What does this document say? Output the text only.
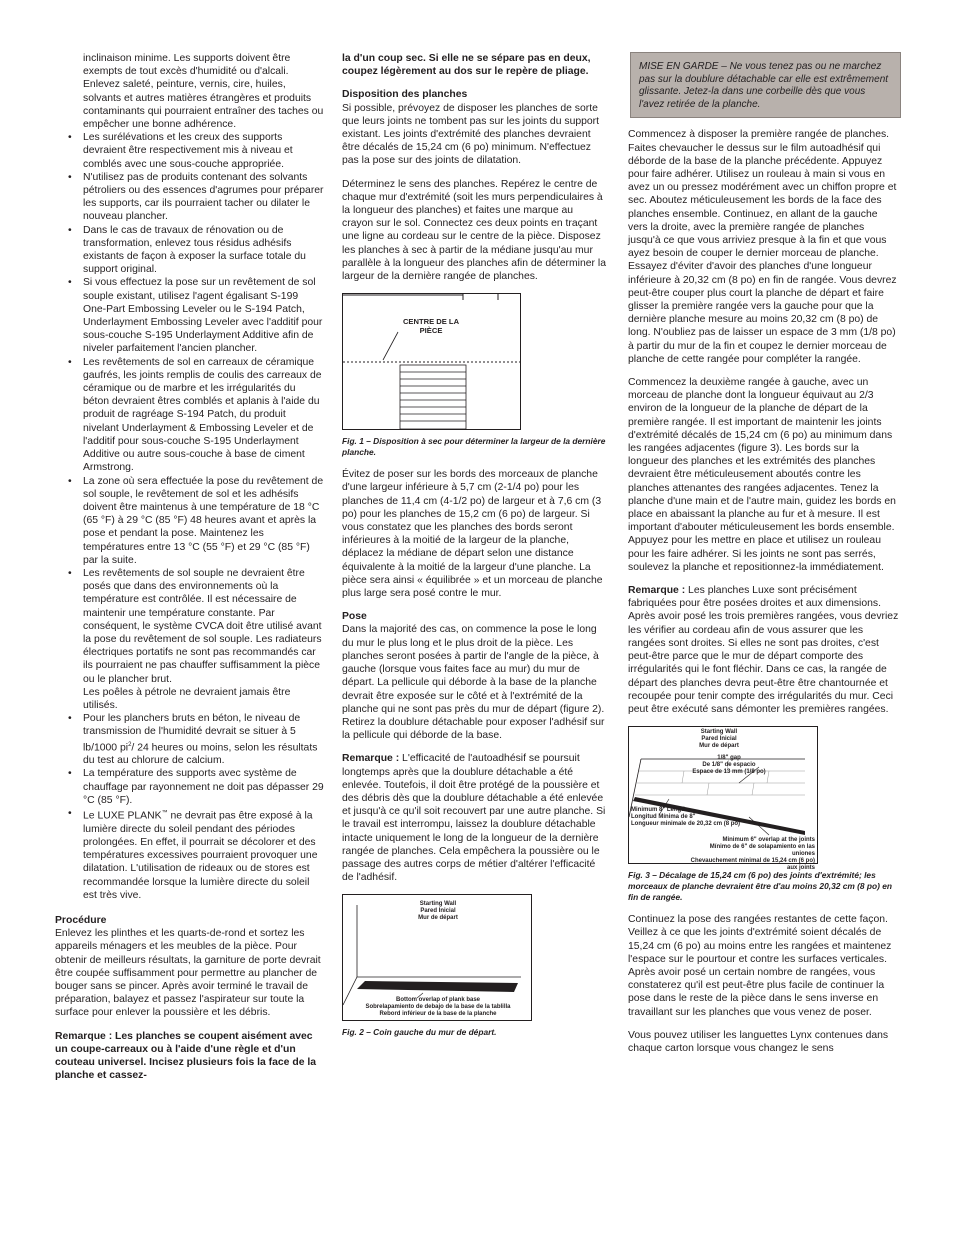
inclinaison minime. Les supports doivent être exempts de tout excès d'humidité ou d'alcali. Enlevez saleté, peinture, vernis, cire, huiles, solvants et autres matières étrangères et produits contaminants qui pourraient entraîner des taches ou empêcher une bonne adhérence.
• Les surélévations et les creux des supports devraient être respectivement mis à niveau et comblés avec une sous-couche appropriée.
• N'utilisez pas de produits contenant des solvants pétroliers ou des essences d'agrumes pour préparer les supports, car ils pourraient tacher ou dilater le nouveau plancher.
• Dans le cas de travaux de rénovation ou de transformation, enlevez tous résidus adhésifs existants de façon à exposer la surface totale du support original.
• Si vous effectuez la pose sur un revêtement de sol souple existant, utilisez l'agent égalisant S-199 One-Part Embossing Leveler ou le S-194 Patch, Underlayment Embossing Leveler avec l'additif pour sous-couche S-195 Underlayment Additive afin de niveler parfaitement l'ancien plancher.
• Les revêtements de sol en carreaux de céramique gaufrés, les joints remplis de coulis des carreaux de céramique ou de marbre et les irrégularités du béton devraient êtres comblés et aplanis à l'aide du produit de ragréage S-194 Patch, du produit nivelant Underlayment & Embossing Leveler et de l'additif pour sous-couche S-195 Underlayment Additive ou autre sous-couche à base de ciment Armstrong.
• La zone où sera effectuée la pose du revêtement de sol souple, le revêtement de sol et les adhésifs doivent être maintenus à une température de 18 °C (65 °F) à 29 °C (85 °F) 48 heures avant et après la pose et pendant la pose. Maintenez les températures entre 13 °C (55 °F) et 29 °C (85 °F) par la suite.
• Les revêtements de sol souple ne devraient être posés que dans des environnements où la température est contrôlée. Il est nécessaire de maintenir une température constante. Par conséquent, le système CVCA doit être utilisé avant la pose du revêtement de sol souple. Les radiateurs électriques portatifs ne sont pas recommandés car ils pourraient ne pas chauffer suffisamment la pièce ou le plancher brut.
Les poêles à pétrole ne devraient jamais être utilisés.
• Pour les planchers bruts en béton, le niveau de transmission de l'humidité devrait se situer à 5 lb/1000 $pi^2/$ 24 heures ou moins, selon les résultats du test au chlorure de calcium.
• La température des supports avec système de chauffage par rayonnement ne doit pas dépasser 29 °C (85 °F).
• Le LUXE PLANK™ ne devrait pas être exposé à la lumière directe du soleil pendant des périodes prolongées. En effet, il pourrait se décolorer et des températures excessives pourraient provoquer une dilatation. L'utilisation de rideaux ou de stores est recommandée lorsque la lumière directe du soleil est très vive.

Procédure

Enlevez les plinthes et les quarts-de-rond et sortez les appareils ménagers et les meubles de la pièce. Pour obtenir de meilleurs résultats, la garniture de porte devrait être coupée suffisamment pour permettre au plancher de bouger sans se pincer. Après avoir terminé le travail de préparation, balayez et passez l'aspirateur sur toute la surface pour enlever la poussière et les débris.

Remarque : Les planches se coupent aisément avec un coupe-carreaux ou à l'aide d'une règle et d'un couteau universel. Incisez plusieurs fois la face de la planche et cassez-

la d'un coup sec. Si elle ne se sépare pas en deux, coupez légèrement au dos sur le repère de pliage.

Disposition des planches

Si possible, prévoyez de disposer les planches de sorte que leurs joints ne tombent pas sur les joints du support existant. Les joints d'extrémité des planches devraient être décalés de 15,24 cm (6 po) minimum. N'effectuez pas la pose sur des joints de dilatation.

Déterminez le sens des planches. Repérez le centre de chaque mur d'extrémité (soit les murs perpendiculaires à la longueur des planches) et faites une marque au crayon sur le sol. Connectez ces deux points en traçant une ligne au cordeau sur le centre de la pièce. Disposez les planches à sec à partir de la médiane jusqu'au mur parallèle à la longueur des planches afin de déterminer la largeur de la dernière rangée de planches.

CENTRE DE LA PIÈCE

Fig. 1 – Disposition à sec pour déterminer la largeur de la dernière planche.

Évitez de poser sur les bords des morceaux de planche d'une largeur inférieure à 5,7 cm (2-1/4 po) pour les planches de 11,4 cm (4-1/2 po) de largeur et à 7,6 cm (3 po) pour les planches de 15,2 cm (6 po) de largeur. Si vous constatez que les planches des bords seront inférieures à la moitié de la largeur de la planche, déplacez la médiane de départ selon une distance équivalente à la moitié de la largeur d'une planche. La pièce sera ainsi « équilibrée » et un morceau de planche plus large sera posé contre le mur.

Pose

Dans la majorité des cas, on commence la pose le long du mur le plus long et le plus droit de la pièce. Les planches seront posées à partir de l'angle de la pièce, à gauche (lorsque vous faites face au mur) du mur de départ. La pellicule qui déborde à la base de la planche devrait être exposée sur le côté et à l'extrémité de la planche qui ne sont pas près du mur de départ (figure 2). Retirez la doublure détachable pour exposer l'adhésif sur la pellicule qui déborde de la base.

Remarque : L'efficacité de l'autoadhésif se poursuit longtemps après que la doublure détachable a été enlevée. Toutefois, il doit être protégé de la poussière et des débris dès que la doublure détachable a été enlevée et jusqu'à ce qu'il soit recouvert par une autre planche. Si le travail est interrompu, laissez la doublure détachable intacte uniquement le long de la longueur de la dernière rangée de planches. Cela empêchera la poussière ou le passage des autres corps de métier d'altérer l'efficacité de l'adhésif.

Starting Wall
Pared Inicial
Mur de départ
Bottom overlap of plank base
Sobrelapamiento de debajo de la base de la tablilla
Rebord inférieur de la base de la planche

Fig. 2 – Coin gauche du mur de départ.

MISE EN GARDE – Ne vous tenez pas ou ne marchez pas sur la doublure détachable car elle est extrêmement glissante. Jetez-la dans une corbeille dès que vous l'avez retirée de la planche.

Commencez à disposer la première rangée de planches. Faites chevaucher le dessus sur le film autoadhésif qui déborde de la base de la planche précédente. Appuyez pour faire adhérer. Utilisez un rouleau à main si vous en avez un ou pressez modérément avec un chiffon propre et sec. Aboutez méticuleusement les bords de la face des planches ensemble. Continuez, en allant de la gauche vers la droite, avec la première rangée de planches jusqu'à ce que vous arriviez presque à la fin et que vous ayez besoin de couper le dernier morceau de planche. Essayez d'éviter d'avoir des planches d'une longueur inférieure à 20,32 cm (8 po) en fin de rangée. Vous devrez peut-être couper plus court la planche de départ et faire glisser la première rangée vers la gauche pour que la dernière planche mesure au moins 20,32 cm (8 po) de long. N'oubliez pas de laisser un espace de 3 mm (1/8 po) à partir du mur de la fin et coupez le dernier morceau de planche de cette rangée pour compléter la rangée.

Commencez la deuxième rangée à gauche, avec un morceau de planche dont la longueur équivaut au 2/3 environ de la longueur de la planche de départ de la première rangée. Il est important de maintenir les joints d'extrémité décalés de 15,24 cm (6 po) au minimum dans les rangées adjacentes (figure 3). Les bords sur la longueur des planches et les extrémités des planches devraient être méticuleusement aboutés contre les planches attenantes des rangées adjacentes. Tenez la planche d'une main et de l'autre main, guidez les bords en place en abaissant la planche au fur et à mesure. Il est important d'abouter méticuleusement les bords ensemble. Appuyez pour les mettre en place et utilisez un rouleau pour les faire adhérer. Si les joints ne sont pas serrés, soulevez la planche et repositionnez-la immédiatement.

Remarque : Les planches Luxe sont précisément fabriquées pour être posées droites et aux dimensions. Après avoir posé les trois premières rangées, vous devriez les vérifier au cordeau afin de vous assurer que les rangées sont droites. Si elles ne sont pas droites, c'est peut-être parce que le mur de départ comporte des irrégularités qui le font fléchir. Dans ce cas, la rangée de départ des planches devra peut-être être chantournée et recoupée pour tenir compte des irrégularités du mur. Ceci peut être exécuté sans démonter les premières rangées.

Starting Wall
Pared Inicial
Mur de départ
1/8" gap
De 1/8" de espacio
Espace de 13 mm (1/8 po)
Minimum 8" Length
Longitud Mínima de 8"
Longueur minimale de 20,32 cm (8 po)
Minimum 6" overlap at the joints
Mínimo de 6" de solapamiento en las uniones
Chevauchement minimal de 15,24 cm (6 po) aux joints

Fig. 3 – Décalage de 15,24 cm (6 po) des joints d'extrémité; les morceaux de planche devraient être d'au moins 20,32 cm (8 po) en fin de rangée.

Continuez la pose des rangées restantes de cette façon. Veillez à ce que les joints d'extrémité soient décalés de 15,24 cm (6 po) au moins entre les rangées et maintenez l'espace sur le pourtour et contre les surfaces verticales. Après avoir posé un certain nombre de rangées, vous constaterez qu'il est peut-être plus facile de continuer la pose dans le reste de la pièce dans le sens inverse en travaillant sur les planches que vous venez de poser.

Vous pouvez utiliser les languettes Lynx contenues dans chaque carton lorsque vous changez le sens
